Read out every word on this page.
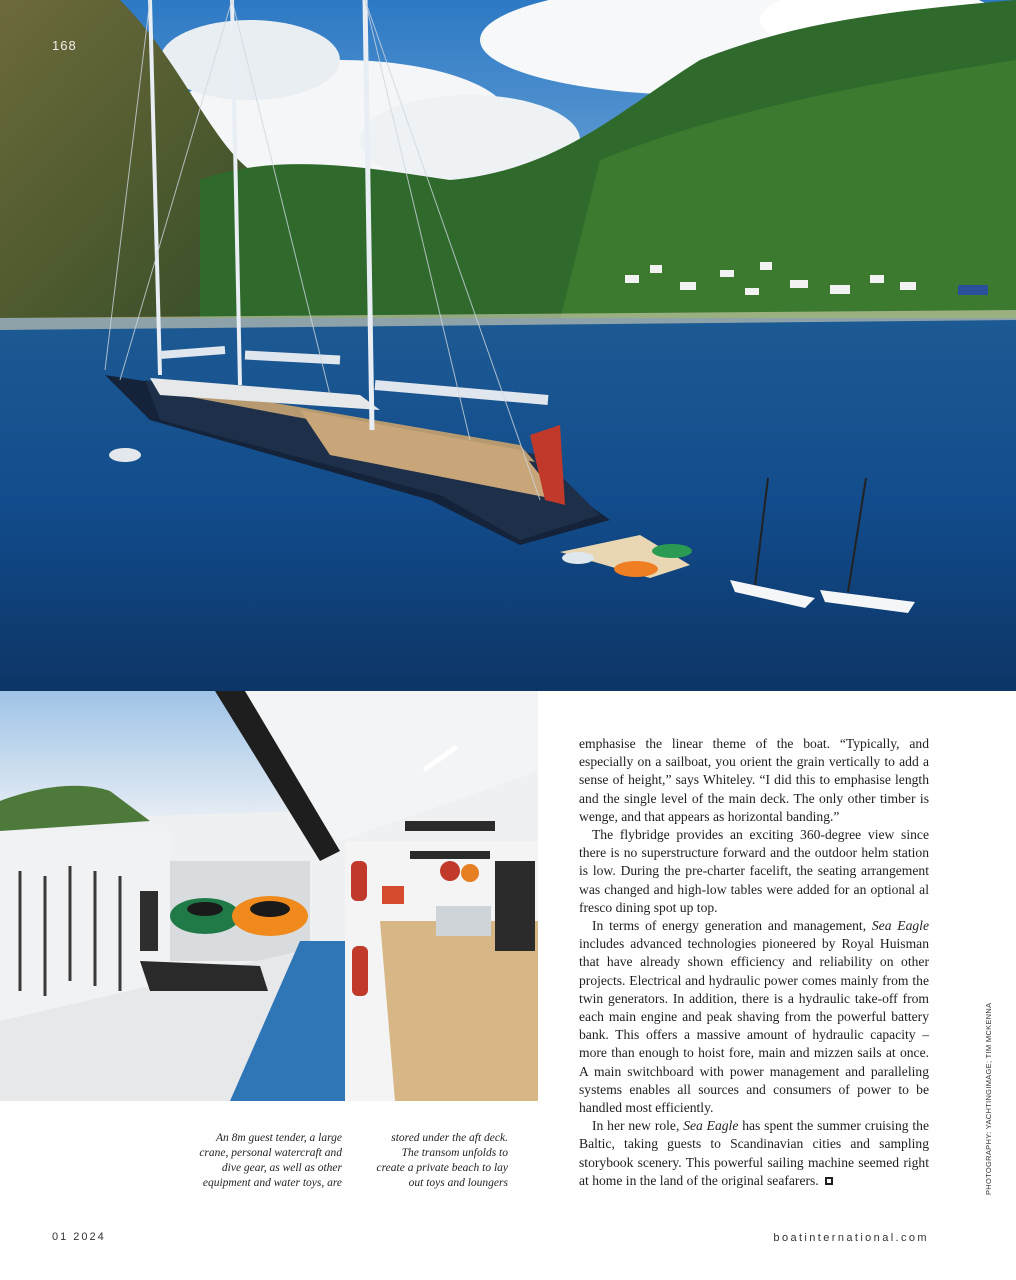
168
An 8m guest tender, a large crane, personal watercraft and dive gear, as well as other equipment and water toys, are
stored under the aft deck. The transom unfolds to create a private beach to lay out toys and loungers

emphasise the linear theme of the boat. “Typically, and especially on a sailboat, you orient the grain vertically to add a sense of height,” says Whiteley. “I did this to emphasise length and the single level of the main deck. The only other timber is wenge, and that appears as horizontal banding.”

The flybridge provides an exciting 360-degree view since there is no superstructure forward and the outdoor helm station is low. During the pre-charter facelift, the seating arrangement was changed and high-low tables were added for an optional al fresco dining spot up top.

In terms of energy generation and management, Sea Eagle includes advanced technologies pioneered by Royal Huisman that have already shown efficiency and reliability on other projects. Electrical and hydraulic power comes mainly from the twin generators. In addition, there is a hydraulic take-off from each main engine and peak shaving from the powerful battery bank. This offers a massive amount of hydraulic capacity – more than enough to hoist fore, main and mizzen sails at once. A main switchboard with power management and paralleling systems enables all sources and consumers of power to be handled most efficiently.

In her new role, Sea Eagle has spent the summer cruising the Baltic, taking guests to Scandinavian cities and sampling storybook scenery. This powerful sailing machine seemed right at home in the land of the original seafarers.	PHOTOGRAPHY: YACHTINGIMAGE; TIM MCKENNA
01 2024	boatinternational.com
